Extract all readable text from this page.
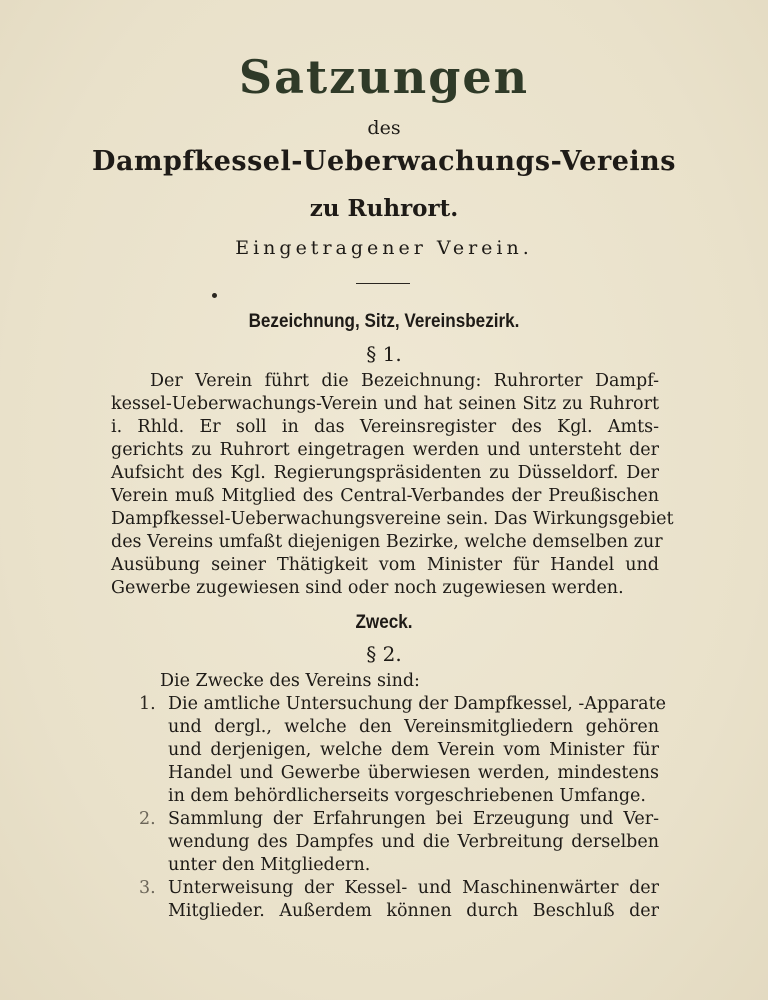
Satzungen
des
Dampfkessel-Ueberwachungs-Vereins
zu Ruhrort.
Eingetragener Verein.
Bezeichnung, Sitz, Vereinsbezirk.
§ 1.
Der Verein führt die Bezeichnung: Ruhrorter Dampf-
kessel-Ueberwachungs-Verein und hat seinen Sitz zu Ruhrort
i. Rhld. Er soll in das Vereinsregister des Kgl. Amts-
gerichts zu Ruhrort eingetragen werden und untersteht der
Aufsicht des Kgl. Regierungspräsidenten zu Düsseldorf. Der
Verein muß Mitglied des Central-Verbandes der Preußischen
Dampfkessel-Ueberwachungsvereine sein. Das Wirkungsgebiet
des Vereins umfaßt diejenigen Bezirke, welche demselben zur
Ausübung seiner Thätigkeit vom Minister für Handel und
Gewerbe zugewiesen sind oder noch zugewiesen werden.
Zweck.
§ 2.
Die Zwecke des Vereins sind:
1. Die amtliche Untersuchung der Dampfkessel, -Apparate
und dergl., welche den Vereinsmitgliedern gehören
und derjenigen, welche dem Verein vom Minister für
Handel und Gewerbe überwiesen werden, mindestens
in dem behördlicherseits vorgeschriebenen Umfange.
2. Sammlung der Erfahrungen bei Erzeugung und Ver-
wendung des Dampfes und die Verbreitung derselben
unter den Mitgliedern.
3. Unterweisung der Kessel- und Maschinenwärter der
Mitglieder. Außerdem können durch Beschluß der
